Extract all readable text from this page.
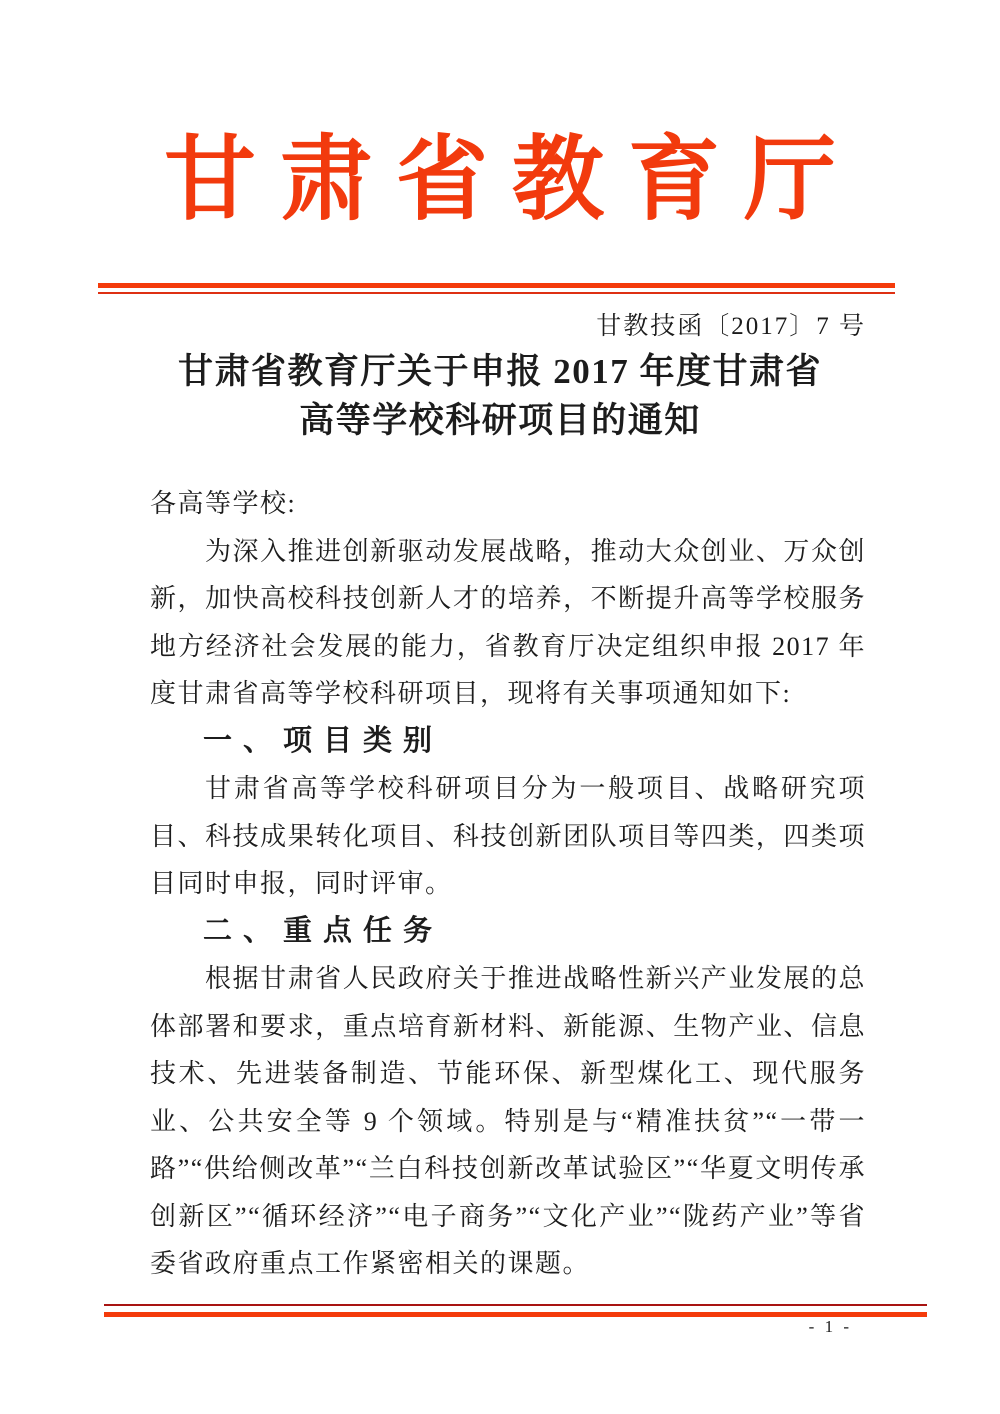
甘肃省教育厅
甘教技函〔2017〕7 号
甘肃省教育厅关于申报 2017 年度甘肃省
高等学校科研项目的通知

各高等学校:

为深入推进创新驱动发展战略，推动大众创业、万众创新，加快高校科技创新人才的培养，不断提升高等学校服务地方经济社会发展的能力，省教育厅决定组织申报 2017 年度甘肃省高等学校科研项目，现将有关事项通知如下:

一、项目类别

甘肃省高等学校科研项目分为一般项目、战略研究项目、科技成果转化项目、科技创新团队项目等四类，四类项目同时申报，同时评审。

二、重点任务

根据甘肃省人民政府关于推进战略性新兴产业发展的总体部署和要求，重点培育新材料、新能源、生物产业、信息技术、先进装备制造、节能环保、新型煤化工、现代服务业、公共安全等 9 个领域。特别是与“精准扶贫”“一带一路”“供给侧改革”“兰白科技创新改革试验区”“华夏文明传承创新区”“循环经济”“电子商务”“文化产业”“陇药产业”等省委省政府重点工作紧密相关的课题。

- 1 -
